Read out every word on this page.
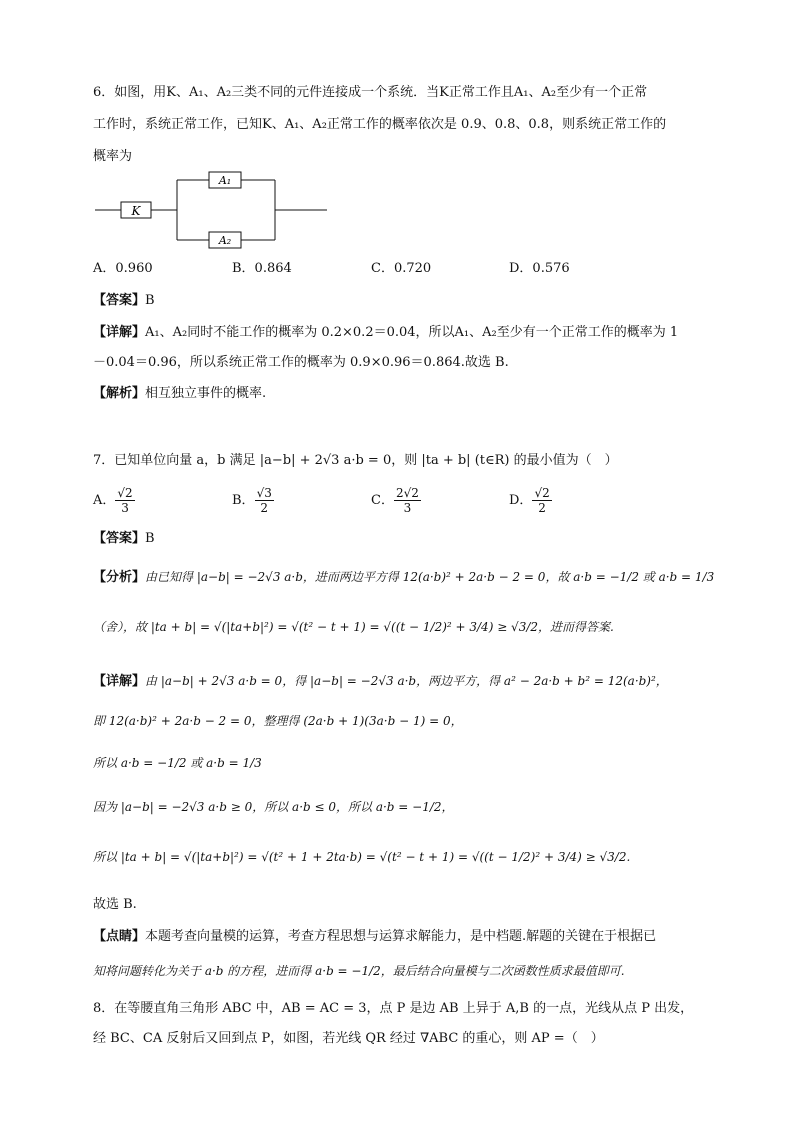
6．如图，用K、A₁、A₂三类不同的元件连接成一个系统．当K正常工作且A₁、A₂至少有一个正常
工作时，系统正常工作，已知K、A₁、A₂正常工作的概率依次是 0.9、0.8、0.8，则系统正常工作的
概率为
K
A₁
A₂
A．0.960	B．0.864	C．0.720	D．0.576
【答案】B
【详解】A₁、A₂同时不能工作的概率为 0.2×0.2＝0.04，所以A₁、A₂至少有一个正常工作的概率为 1
－0.04＝0.96，所以系统正常工作的概率为 0.9×0.96＝0.864.故选 B.
【解析】相互独立事件的概率.
7．已知单位向量 a，b 满足 |a−b| + 2√3 a·b = 0，则 |ta + b| (t∈R) 的最小值为（　）
A． $\frac{√2}{3}$	B． $\frac{√3}{2}$	C． $\frac{2√2}{3}$	D． $\frac{√2}{2}$
【答案】B
【分析】由已知得 |a−b| = −2√3 a·b，进而两边平方得 12(a·b)² + 2a·b − 2 = 0，故 a·b = −1/2 或 a·b = 1/3
（舍），故 |ta + b| = √(|ta+b|²) = √(t² − t + 1) = √((t − 1/2)² + 3/4) ≥ √3/2，进而得答案.
【详解】由 |a−b| + 2√3 a·b = 0，得 |a−b| = −2√3 a·b，两边平方，得 a² − 2a·b + b² = 12(a·b)²，
即 12(a·b)² + 2a·b − 2 = 0，整理得 (2a·b + 1)(3a·b − 1) = 0，
所以 a·b = −1/2 或 a·b = 1/3
因为 |a−b| = −2√3 a·b ≥ 0，所以 a·b ≤ 0，所以 a·b = −1/2，
所以 |ta + b| = √(|ta+b|²) = √(t² + 1 + 2ta·b) = √(t² − t + 1) = √((t − 1/2)² + 3/4) ≥ √3/2.
故选 B.
【点睛】本题考查向量模的运算，考查方程思想与运算求解能力，是中档题.解题的关键在于根据已
知将问题转化为关于 a·b 的方程，进而得 a·b = −1/2，最后结合向量模与二次函数性质求最值即可.
8．在等腰直角三角形 ABC 中，AB = AC = 3，点 P 是边 AB 上异于 A,B 的一点，光线从点 P 出发，
经 BC、CA 反射后又回到点 P，如图，若光线 QR 经过 ∇ABC 的重心，则 AP =（　）
